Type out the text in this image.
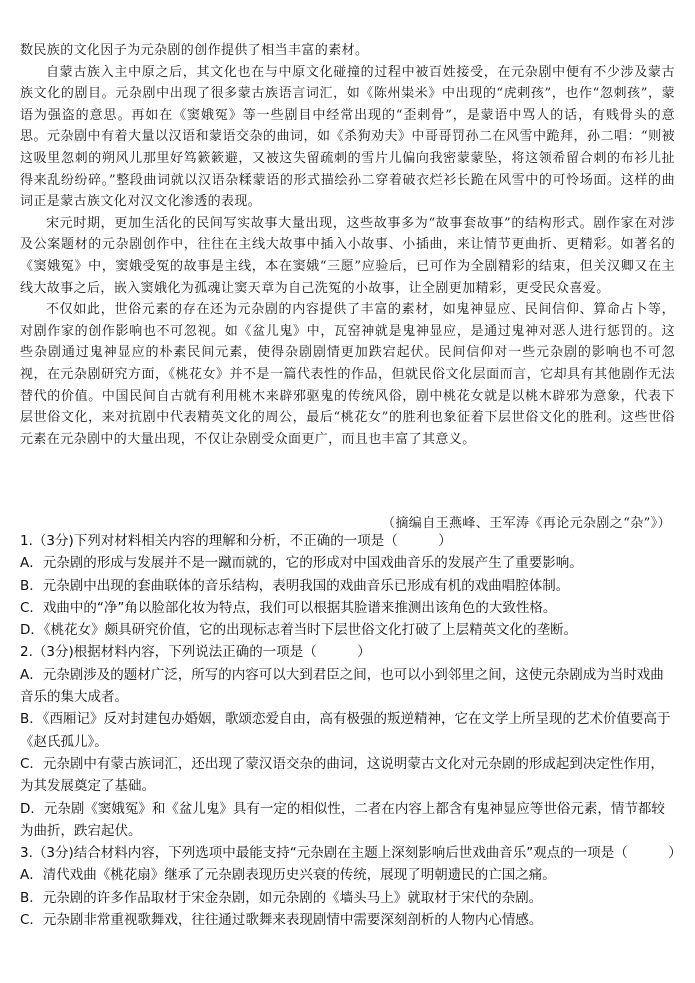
数民族的文化因子为元杂剧的创作提供了相当丰富的素材。

自蒙古族入主中原之后，其文化也在与中原文化碰撞的过程中被百姓接受，在元杂剧中便有不少涉及蒙古族文化的剧目。元杂剧中出现了很多蒙古族语言词汇，如《陈州粜米》中出现的“虎剌孩”，也作“忽刺孩”，蒙语为强盗的意思。再如在《窦娥冤》等一些剧目中经常出现的“歪剌骨”，是蒙语中骂人的话，有贱骨头的意思。元杂剧中有着大量以汉语和蒙语交杂的曲词，如《杀狗劝夫》中哥哥罚孙二在风雪中跪拜，孙二唱：“则被这吸里忽刺的朔风儿那里好笃簌簌避，又被这失留疏刺的雪片儿偏向我密蒙蒙坠，将这领希留合刺的布衫儿扯得来乱纷纷碎。”整段曲词就以汉语杂糅蒙语的形式描绘孙二穿着破衣烂衫长跪在风雪中的可怜场面。这样的曲词正是蒙古族文化对汉文化渗透的表现。

宋元时期，更加生活化的民间写实故事大量出现，这些故事多为“故事套故事”的结构形式。剧作家在对涉及公案题材的元杂剧创作中，往往在主线大故事中插入小故事、小插曲，来让情节更曲折、更精彩。如著名的《窦娥冤》中，窦娥受冤的故事是主线，本在窦娥“三愿”应验后，已可作为全剧精彩的结束，但关汉卿又在主线大故事之后，嵌入窦娥化为孤魂让窦天章为自己洗冤的小故事，让全剧更加精彩，更受民众喜爱。

不仅如此，世俗元素的存在还为元杂剧的内容提供了丰富的素材，如鬼神显应、民间信仰、算命占卜等，对剧作家的创作影响也不可忽视。如《盆儿鬼》中，瓦窑神就是鬼神显应，是通过鬼神对恶人进行惩罚的。这些杂剧通过鬼神显应的朴素民间元素，使得杂剧剧情更加跌宕起伏。民间信仰对一些元杂剧的影响也不可忽视，在元杂剧研究方面，《桃花女》并不是一篇代表性的作品，但就民俗文化层面而言，它却具有其他剧作无法替代的价值。中国民间自古就有利用桃木来辟邪驱鬼的传统风俗，剧中桃花女就是以桃木辟邪为意象，代表下层世俗文化，来对抗剧中代表精英文化的周公，最后“桃花女”的胜利也象征着下层世俗文化的胜利。这些世俗元素在元杂剧中的大量出现，不仅让杂剧受众面更广，而且也丰富了其意义。

（摘编自王燕峰、王军涛《再论元杂剧之“杂”》）
1.（3分)下列对材料相关内容的理解和分析，不正确的一项是（　　　）
A．元杂剧的形成与发展并不是一蹴而就的，它的形成对中国戏曲音乐的发展产生了重要影响。
B．元杂剧中出现的套曲联体的音乐结构，表明我国的戏曲音乐已形成有机的戏曲唱腔体制。
C．戏曲中的“净”角以脸部化妆为特点，我们可以根据其脸谱来推测出该角色的大致性格。
D．《桃花女》颇具研究价值，它的出现标志着当时下层世俗文化打破了上层精英文化的垄断。
2.（3分)根据材料内容，下列说法正确的一项是（　　　）
A．元杂剧涉及的题材广泛，所写的内容可以大到君臣之间，也可以小到邻里之间，这使元杂剧成为当时戏曲音乐的集大成者。
B．《西厢记》反对封建包办婚姻，歌颂恋爱自由，高有极强的叛逆精神，它在文学上所呈现的艺术价值要高于《赵氏孤儿》。
C．元杂剧中有蒙古族词汇，还出现了蒙汉语交杂的曲词，这说明蒙古文化对元杂剧的形成起到决定性作用，为其发展奠定了基础。
D．元杂剧《窦娥冤》和《盆儿鬼》具有一定的相似性，二者在内容上都含有鬼神显应等世俗元素，情节都较为曲折，跌宕起伏。
3.（3分)结合材料内容，下列选项中最能支持“元杂剧在主题上深刻影响后世戏曲音乐”观点的一项是（　　　）
A．清代戏曲《桃花扇》继承了元杂剧表现历史兴衰的传统，展现了明朝遗民的亡国之痛。
B．元杂剧的许多作品取材于宋金杂剧，如元杂剧的《墙头马上》就取材于宋代的杂剧。
C．元杂剧非常重视歌舞戏，往往通过歌舞来表现剧情中需要深刻剖析的人物内心情感。
